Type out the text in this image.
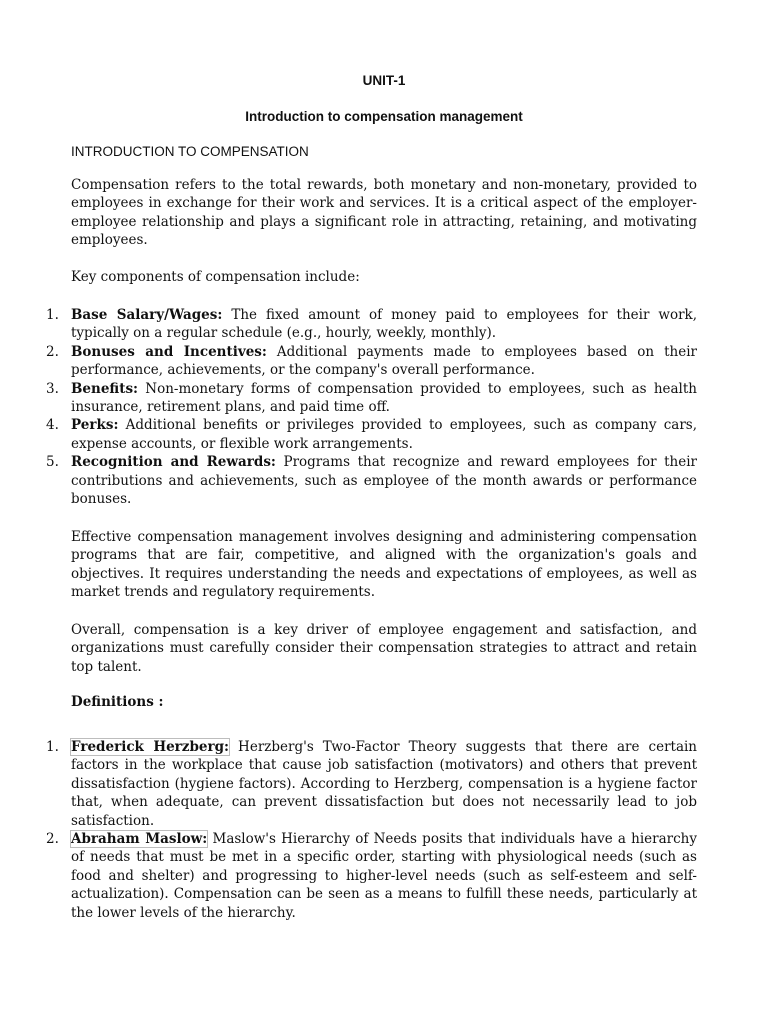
UNIT-1
Introduction to compensation management
INTRODUCTION TO COMPENSATION

Compensation refers to the total rewards, both monetary and non-monetary, provided to employees in exchange for their work and services. It is a critical aspect of the employer-employee relationship and plays a significant role in attracting, retaining, and motivating employees.

Key components of compensation include:

1. Base Salary/Wages: The fixed amount of money paid to employees for their work, typically on a regular schedule (e.g., hourly, weekly, monthly).
2. Bonuses and Incentives: Additional payments made to employees based on their performance, achievements, or the company's overall performance.
3. Benefits: Non-monetary forms of compensation provided to employees, such as health insurance, retirement plans, and paid time off.
4. Perks: Additional benefits or privileges provided to employees, such as company cars, expense accounts, or flexible work arrangements.
5. Recognition and Rewards: Programs that recognize and reward employees for their contributions and achievements, such as employee of the month awards or performance bonuses.

Effective compensation management involves designing and administering compensation programs that are fair, competitive, and aligned with the organization's goals and objectives. It requires understanding the needs and expectations of employees, as well as market trends and regulatory requirements.

Overall, compensation is a key driver of employee engagement and satisfaction, and organizations must carefully consider their compensation strategies to attract and retain top talent.

Definitions :
1. Frederick Herzberg: Herzberg's Two-Factor Theory suggests that there are certain factors in the workplace that cause job satisfaction (motivators) and others that prevent dissatisfaction (hygiene factors). According to Herzberg, compensation is a hygiene factor that, when adequate, can prevent dissatisfaction but does not necessarily lead to job satisfaction.
2. Abraham Maslow: Maslow's Hierarchy of Needs posits that individuals have a hierarchy of needs that must be met in a specific order, starting with physiological needs (such as food and shelter) and progressing to higher-level needs (such as self-esteem and self-actualization). Compensation can be seen as a means to fulfill these needs, particularly at the lower levels of the hierarchy.
